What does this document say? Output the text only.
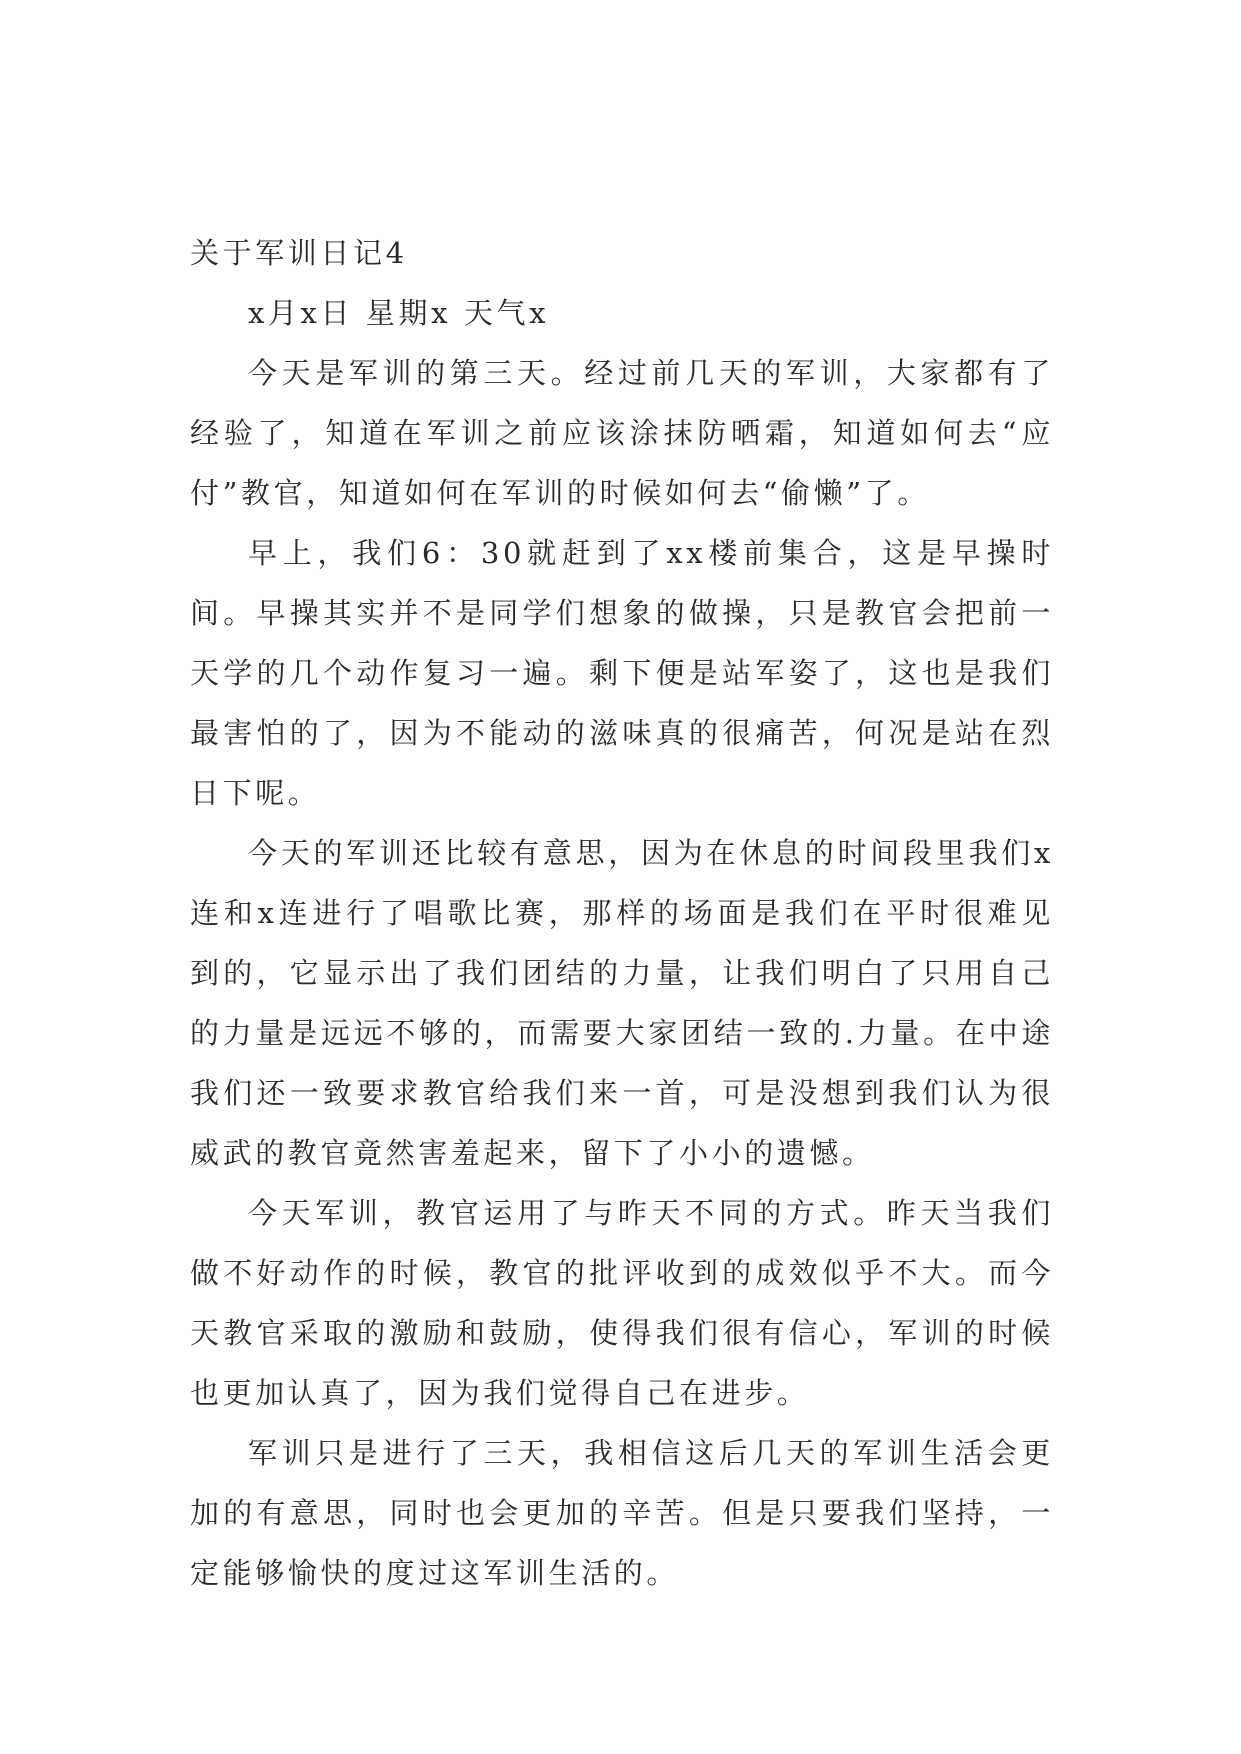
关于军训日记4

x月x日 星期x 天气x

今天是军训的第三天。经过前几天的军训，大家都有了经验了，知道在军训之前应该涂抹防晒霜，知道如何去“应付”教官，知道如何在军训的时候如何去“偷懒”了。

早上，我们6：30就赶到了xx楼前集合，这是早操时间。早操其实并不是同学们想象的做操，只是教官会把前一天学的几个动作复习一遍。剩下便是站军姿了，这也是我们最害怕的了，因为不能动的滋味真的很痛苦，何况是站在烈日下呢。

今天的军训还比较有意思，因为在休息的时间段里我们x连和x连进行了唱歌比赛，那样的场面是我们在平时很难见到的，它显示出了我们团结的力量，让我们明白了只用自己的力量是远远不够的，而需要大家团结一致的.力量。在中途我们还一致要求教官给我们来一首，可是没想到我们认为很威武的教官竟然害羞起来，留下了小小的遗憾。

今天军训，教官运用了与昨天不同的方式。昨天当我们做不好动作的时候，教官的批评收到的成效似乎不大。而今天教官采取的激励和鼓励，使得我们很有信心，军训的时候也更加认真了，因为我们觉得自己在进步。

军训只是进行了三天，我相信这后几天的军训生活会更加的有意思，同时也会更加的辛苦。但是只要我们坚持，一定能够愉快的度过这军训生活的。
